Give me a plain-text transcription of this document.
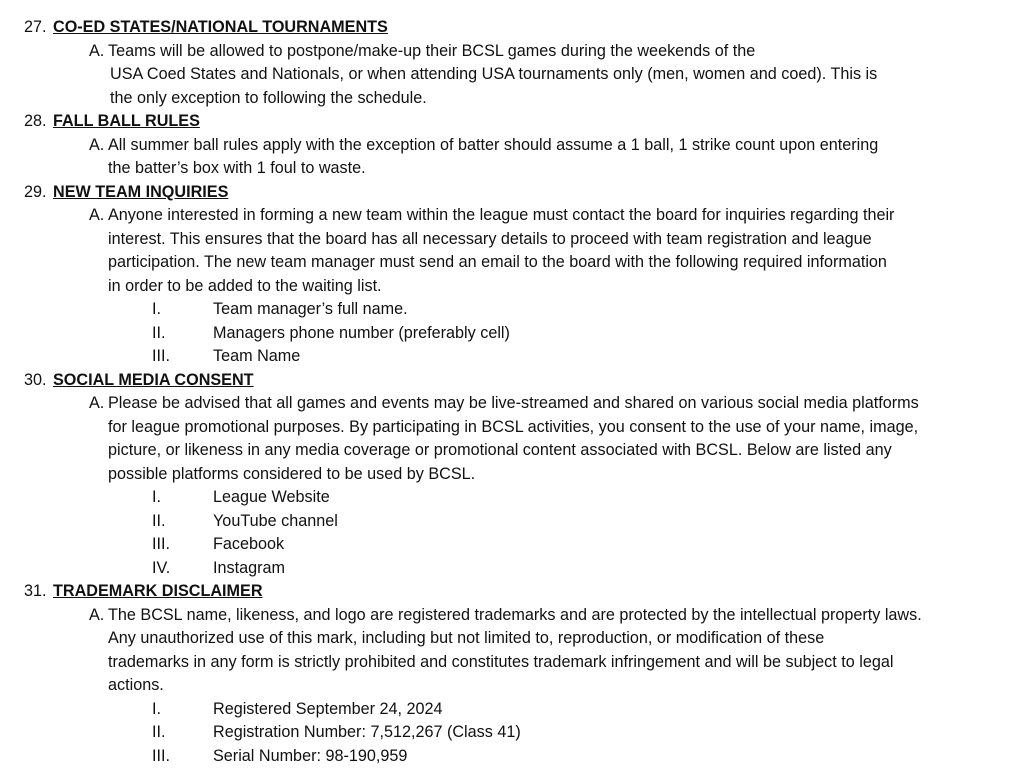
27. CO-ED STATES/NATIONAL TOURNAMENTS
A. Teams will be allowed to postpone/make-up their BCSL games during the weekends of the
USA Coed States and Nationals, or when attending USA tournaments only (men, women and coed). This is
the only exception to following the schedule.
28. FALL BALL RULES
A. All summer ball rules apply with the exception of batter should assume a 1 ball, 1 strike count upon entering
the batter’s box with 1 foul to waste.
29. NEW TEAM INQUIRIES
A. Anyone interested in forming a new team within the league must contact the board for inquiries regarding their
interest. This ensures that the board has all necessary details to proceed with team registration and league
participation. The new team manager must send an email to the board with the following required information
in order to be added to the waiting list.
I.	Team manager’s full name.
II.	Managers phone number (preferably cell)
III.	Team Name
30. SOCIAL MEDIA CONSENT
A. Please be advised that all games and events may be live-streamed and shared on various social media platforms
for league promotional purposes. By participating in BCSL activities, you consent to the use of your name, image,
picture, or likeness in any media coverage or promotional content associated with BCSL. Below are listed any
possible platforms considered to be used by BCSL.
I.	League Website
II.	YouTube channel
III.	Facebook
IV.	Instagram
31. TRADEMARK DISCLAIMER
A. The BCSL name, likeness, and logo are registered trademarks and are protected by the intellectual property laws.
Any unauthorized use of this mark, including but not limited to, reproduction, or modification of these
trademarks in any form is strictly prohibited and constitutes trademark infringement and will be subject to legal
actions.
I.	Registered September 24, 2024
II.	Registration Number: 7,512,267 (Class 41)
III.	Serial Number: 98-190,959
